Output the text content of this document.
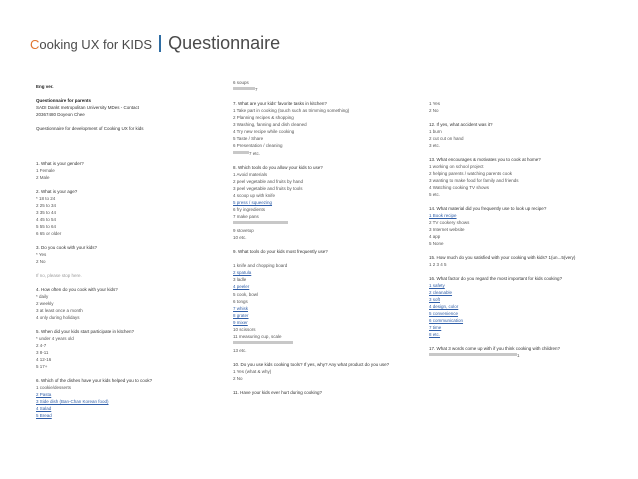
Cooking UX for KIDS Questionnaire
Eng ver.
Questionnaire for parents
SADI Dankt metropolitan University MDes - Contact
20367480 Doyeon Chee
Questionnaire for development of Cooking UX for kids
1. What is your gender?
1 Female
2 Male
2. What is your age?
* 18 to 24
2 25 to 34
3 35 to 44
4 45 to 54
5 55 to 64
6 65 or older
3. Do you cook with your kids?
* Yes
2 No
If no, please stop here.
4. How often do you cook with your kids?
* daily
2 weekly
3 at least once a month
4 only during holidays
5. When did your kids start participate in kitchen?
* under 4 years old
2 4-7
3 8-11
4 12-16
5 17+
6. Which of the dishes have your kids helped you to cook?
1 cookie/desserts
2 Pasta
3 Side dish (Ban-Chan Korean food)
4 Salad
5 Bread
6 soups
7
7. What are your kids' favorite tasks in kitchen?
1 Take part in cooking (touch such as trimming something)
2 Planning recipes & shopping
3 Washing, fanning and dish cleaned
4 Try new recipe while cooking
5 Taste / Share
6 Presentation / cleaning
7 etc.
8. Which tools do you allow your kids to use?
1 Avoid materials
2 peel vegetable and fruits by hand
3 peel vegetable and fruits by tools
4 scoop up with knife
5 press / squeezing
6 fry ingredients
7 make pans
9 stovetop
10 etc.
9. What tools do your kids most frequently use?
1 knife and chopping board
2 spatula
3 ladle
4 peeler
5 cook, bowl
6 tongs
7 whisk
8 grater
9 mixer
10 scissors
11 measuring cup, scale
13 etc.
10. Do you use kids cooking tools? If yes, why? Any what product do you use?
1 Yes (what & why)
2 No
11. Have your kids ever hurt during cooking?
1 Yes
2 No
12. If yes, what accident was it?
1 burn
2 cut cut on hand
3 etc.
13. What encourages & motivates you to cook at home?
1 working on school project
2 helping parents / watching parents cook
3 wanting to make food for family and friends
4 Watching cooking TV shows
5 etc.
14. What material did you frequently use to look up recipe?
1 Book recipe
2 TV cookery shows
3 Internet website
4 app
5 None
15. How much do you satisfied with your cooking with kids? 1(un...5(very)
1 2 3 4 5
16. What factor do you regard the most important for kids cooking?
1 safety
2 cleanable
3 soft
4 design, color
5 convenience
6 communication
7 time
8 etc.
17. What 3 words come up with if you think cooking with children?
1
